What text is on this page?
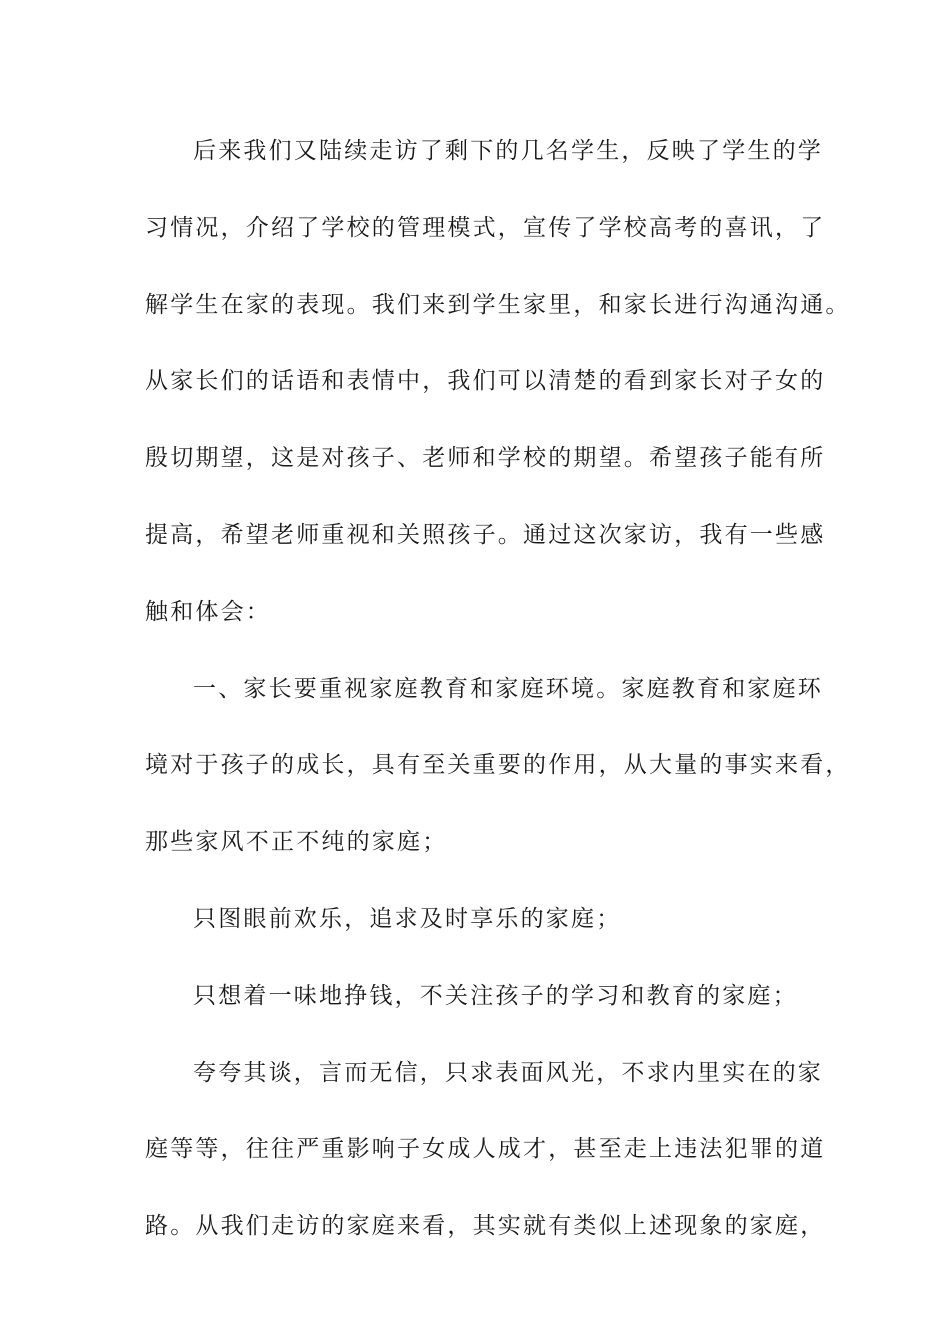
后来我们又陆续走访了剩下的几名学生，反映了学生的学
习情况，介绍了学校的管理模式，宣传了学校高考的喜讯，了
解学生在家的表现。我们来到学生家里，和家长进行沟通沟通。
从家长们的话语和表情中，我们可以清楚的看到家长对子女的
殷切期望，这是对孩子、老师和学校的期望。希望孩子能有所
提高，希望老师重视和关照孩子。通过这次家访，我有一些感
触和体会：
一、家长要重视家庭教育和家庭环境。家庭教育和家庭环
境对于孩子的成长，具有至关重要的作用，从大量的事实来看，
那些家风不正不纯的家庭；
只图眼前欢乐，追求及时享乐的家庭；
只想着一味地挣钱，不关注孩子的学习和教育的家庭；
夸夸其谈，言而无信，只求表面风光，不求内里实在的家
庭等等，往往严重影响子女成人成才，甚至走上违法犯罪的道
路。从我们走访的家庭来看，其实就有类似上述现象的家庭，
